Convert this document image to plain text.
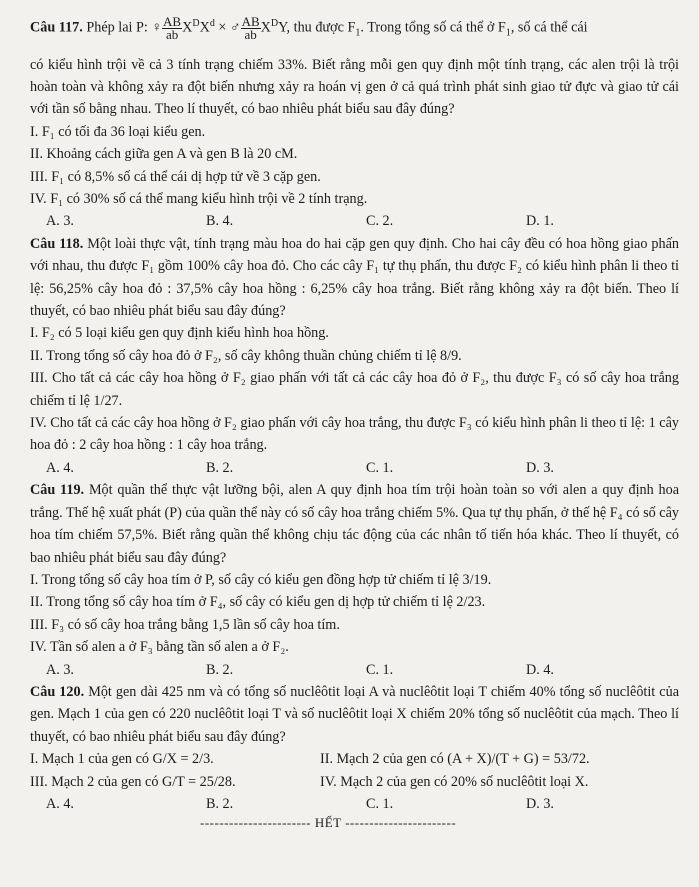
Câu 117. Phép lai P: ♀ $\frac{AB}{ab} X^DX^d$ × ♂ $\frac{AB}{ab} X^DY$, thu được $F_1$. Trong tổng số cá thể ở $F_1$, số cá thể cái

có kiểu hình trội về cả 3 tính trạng chiếm 33%. Biết rằng mỗi gen quy định một tính trạng, các alen trội là trội hoàn toàn và không xảy ra đột biến nhưng xảy ra hoán vị gen ở cả quá trình phát sinh giao tử đực và giao tử cái với tần số bằng nhau. Theo lí thuyết, có bao nhiêu phát biểu sau đây đúng?

I. F₁ có tối đa 36 loại kiểu gen.

II. Khoảng cách giữa gen A và gen B là 20 cM.

III. F₁ có 8,5% số cá thể cái dị hợp tử về 3 cặp gen.

IV. F₁ có 30% số cá thể mang kiểu hình trội về 2 tính trạng.

A. 3.	B. 4.	C. 2.	D. 1.

Câu 118. Một loài thực vật, tính trạng màu hoa do hai cặp gen quy định. Cho hai cây đều có hoa hồng giao phấn với nhau, thu được F₁ gồm 100% cây hoa đỏ. Cho các cây F₁ tự thụ phấn, thu được F₂ có kiểu hình phân li theo tỉ lệ: 56,25% cây hoa đỏ : 37,5% cây hoa hồng : 6,25% cây hoa trắng. Biết rằng không xảy ra đột biến. Theo lí thuyết, có bao nhiêu phát biểu sau đây đúng?

I. F₂ có 5 loại kiểu gen quy định kiểu hình hoa hồng.

II. Trong tổng số cây hoa đỏ ở F₂, số cây không thuần chủng chiếm tỉ lệ 8/9.

III. Cho tất cả các cây hoa hồng ở F₂ giao phấn với tất cả các cây hoa đỏ ở F₂, thu được F₃ có số cây hoa trắng chiếm tỉ lệ 1/27.

IV. Cho tất cả các cây hoa hồng ở F₂ giao phấn với cây hoa trắng, thu được F₃ có kiểu hình phân li theo tỉ lệ: 1 cây hoa đỏ : 2 cây hoa hồng : 1 cây hoa trắng.

A. 4.	B. 2.	C. 1.	D. 3.

Câu 119. Một quần thể thực vật lưỡng bội, alen A quy định hoa tím trội hoàn toàn so với alen a quy định hoa trắng. Thế hệ xuất phát (P) của quần thể này có số cây hoa trắng chiếm 5%. Qua tự thụ phấn, ở thế hệ F₄ có số cây hoa tím chiếm 57,5%. Biết rằng quần thể không chịu tác động của các nhân tố tiến hóa khác. Theo lí thuyết, có bao nhiêu phát biểu sau đây đúng?

I. Trong tổng số cây hoa tím ở P, số cây có kiểu gen đồng hợp tử chiếm tỉ lệ 3/19.

II. Trong tổng số cây hoa tím ở F₄, số cây có kiểu gen dị hợp tử chiếm tỉ lệ 2/23.

III. F₃ có số cây hoa trắng bằng 1,5 lần số cây hoa tím.

IV. Tần số alen a ở F₃ bằng tần số alen a ở F₂.

A. 3.	B. 2.	C. 1.	D. 4.

Câu 120. Một gen dài 425 nm và có tổng số nuclêôtit loại A và nuclêôtit loại T chiếm 40% tổng số nuclêôtit của gen. Mạch 1 của gen có 220 nuclêôtit loại T và số nuclêôtit loại X chiếm 20% tổng số nuclêôtit của mạch. Theo lí thuyết, có bao nhiêu phát biểu sau đây đúng?

I. Mạch 1 của gen có G/X = 2/3.	II. Mạch 2 của gen có (A + X)/(T + G) = 53/72.
III. Mạch 2 của gen có G/T = 25/28.	IV. Mạch 2 của gen có 20% số nuclêôtit loại X.
A. 4.	B. 2.	C. 1.	D. 3.
----------------------- HẾT -----------------------
